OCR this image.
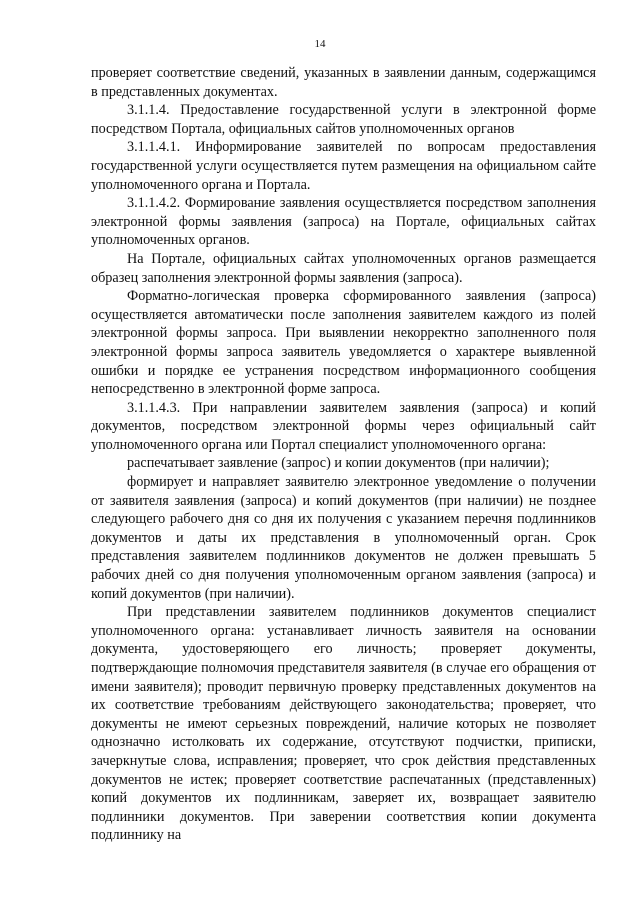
14

проверяет соответствие сведений, указанных в заявлении данным, содержащимся в представленных документах.

3.1.1.4. Предоставление государственной услуги в электронной форме посредством Портала, официальных сайтов уполномоченных органов

3.1.1.4.1. Информирование заявителей по вопросам предоставления государственной услуги осуществляется путем размещения на официальном сайте уполномоченного органа и Портала.

3.1.1.4.2. Формирование заявления осуществляется посредством заполнения электронной формы заявления (запроса) на Портале, официальных сайтах уполномоченных органов.

На Портале, официальных сайтах уполномоченных органов размещается образец заполнения электронной формы заявления (запроса).

Форматно-логическая проверка сформированного заявления (запроса) осуществляется автоматически после заполнения заявителем каждого из полей электронной формы запроса. При выявлении некорректно заполненного поля электронной формы запроса заявитель уведомляется о характере выявленной ошибки и порядке ее устранения посредством информационного сообщения непосредственно в электронной форме запроса.

3.1.1.4.3. При направлении заявителем заявления (запроса) и копий документов, посредством электронной формы через официальный сайт уполномоченного органа или Портал специалист уполномоченного органа:

распечатывает заявление (запрос) и копии документов (при наличии);

формирует и направляет заявителю электронное уведомление о получении от заявителя заявления (запроса) и копий документов (при наличии) не позднее следующего рабочего дня со дня их получения с указанием перечня подлинников документов и даты их представления в уполномоченный орган. Срок представления заявителем подлинников документов не должен превышать 5 рабочих дней со дня получения уполномоченным органом заявления (запроса) и копий документов (при наличии).

При представлении заявителем подлинников документов специалист уполномоченного органа: устанавливает личность заявителя на основании документа, удостоверяющего его личность; проверяет документы, подтверждающие полномочия представителя заявителя (в случае его обращения от имени заявителя); проводит первичную проверку представленных документов на их соответствие требованиям действующего законодательства; проверяет, что документы не имеют серьезных повреждений, наличие которых не позволяет однозначно истолковать их содержание, отсутствуют подчистки, приписки, зачеркнутые слова, исправления; проверяет, что срок действия представленных документов не истек; проверяет соответствие распечатанных (представленных) копий документов их подлинникам, заверяет их, возвращает заявителю подлинники документов. При заверении соответствия копии документа подлиннику на
